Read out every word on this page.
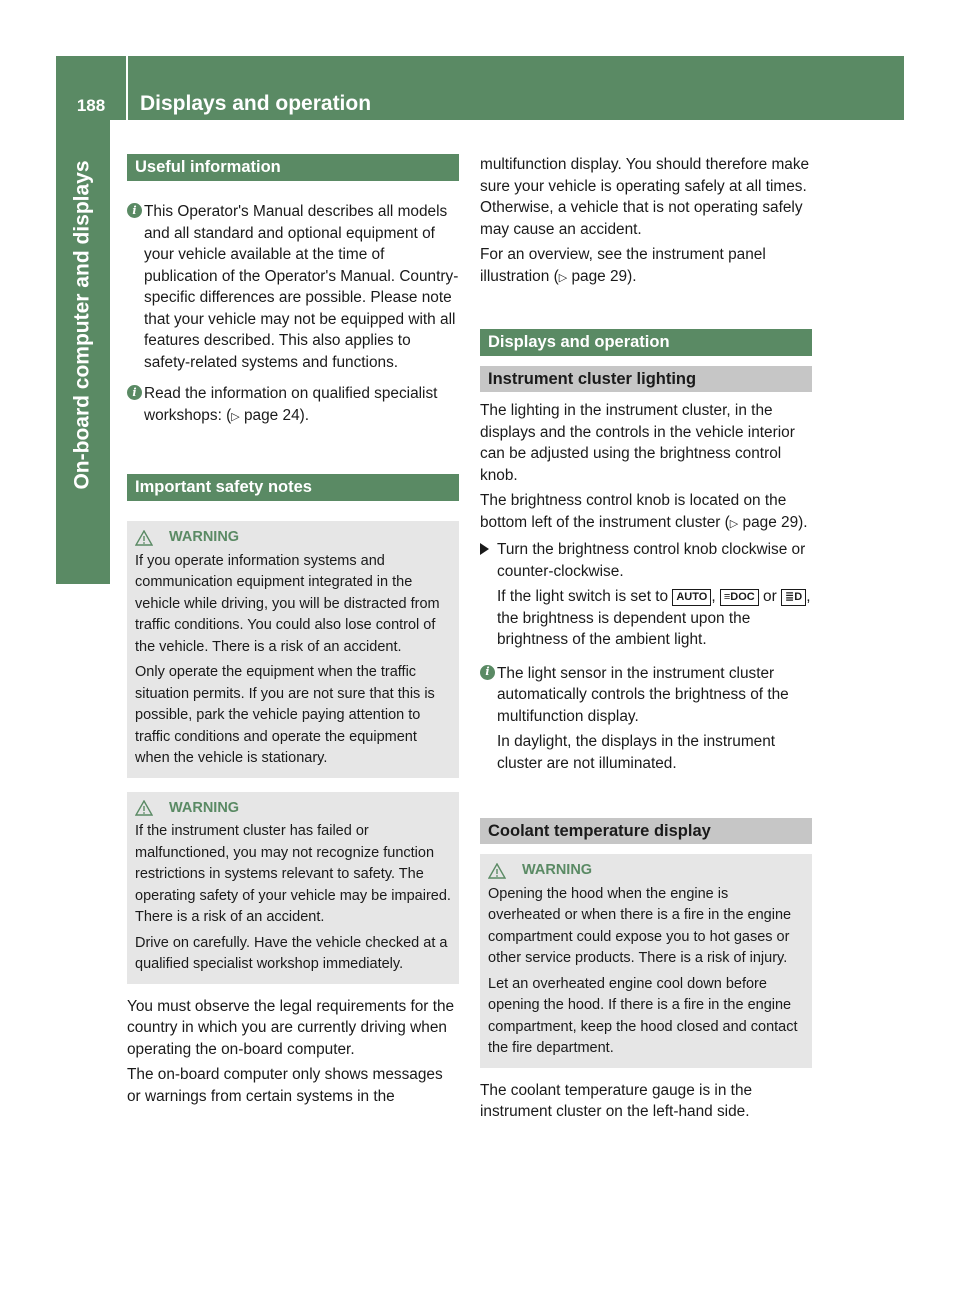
188	Displays and operation
On-board computer and displays	Useful information
i This Operator's Manual describes all models and all standard and optional equipment of your vehicle available at the time of publication of the Operator's Manual. Country-specific differences are possible. Please note that your vehicle may not be equipped with all features described. This also applies to safety-related systems and functions.

i Read the information on qualified specialist workshops: (▷ page 24).

Important safety notes
WARNING

If you operate information systems and communication equipment integrated in the vehicle while driving, you will be distracted from traffic conditions. You could also lose control of the vehicle. There is a risk of an accident.

Only operate the equipment when the traffic situation permits. If you are not sure that this is possible, park the vehicle paying attention to traffic conditions and operate the equipment when the vehicle is stationary.

WARNING

If the instrument cluster has failed or malfunctioned, you may not recognize function restrictions in systems relevant to safety. The operating safety of your vehicle may be impaired. There is a risk of an accident.

Drive on carefully. Have the vehicle checked at a qualified specialist workshop immediately.

You must observe the legal requirements for the country in which you are currently driving when operating the on-board computer.

The on-board computer only shows messages or warnings from certain systems in the

multifunction display. You should therefore make sure your vehicle is operating safely at all times. Otherwise, a vehicle that is not operating safely may cause an accident.

For an overview, see the instrument panel illustration (▷ page 29).

Displays and operation
Instrument cluster lighting

The lighting in the instrument cluster, in the displays and the controls in the vehicle interior can be adjusted using the brightness control knob.

The brightness control knob is located on the bottom left of the instrument cluster (▷ page 29).

Turn the brightness control knob clockwise or counter-clockwise.

If the light switch is set to AUTO , ≡DOC or ≣D , the brightness is dependent upon the brightness of the ambient light.

i The light sensor in the instrument cluster automatically controls the brightness of the multifunction display.

In daylight, the displays in the instrument cluster are not illuminated.

Coolant temperature display
WARNING

Opening the hood when the engine is overheated or when there is a fire in the engine compartment could expose you to hot gases or other service products. There is a risk of injury.

Let an overheated engine cool down before opening the hood. If there is a fire in the engine compartment, keep the hood closed and contact the fire department.

The coolant temperature gauge is in the instrument cluster on the left-hand side.
